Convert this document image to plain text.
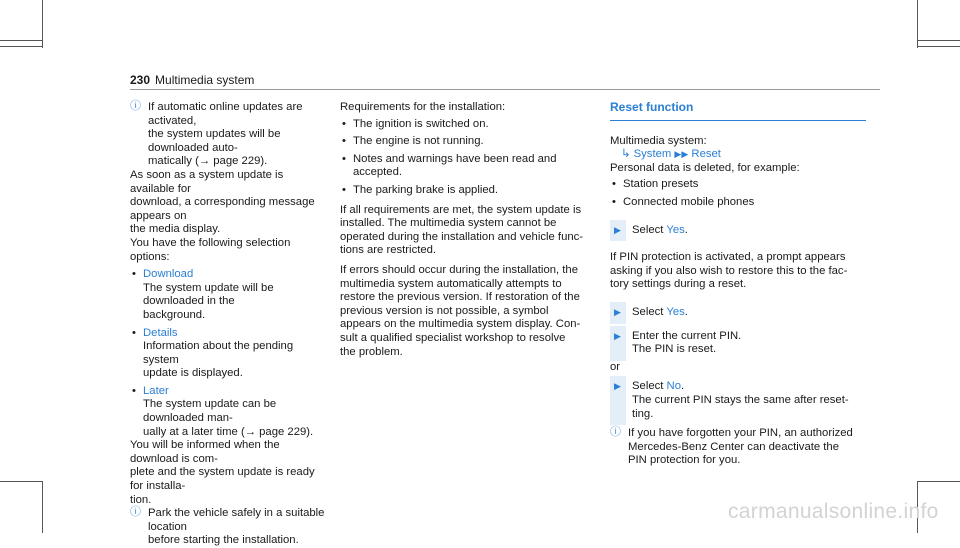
230 Multimedia system
ⓘ If automatic online updates are activated,

the system updates will be downloaded auto-

matically (→ page 229).

As soon as a system update is available for

download, a corresponding message appears on

the media display.

You have the following selection options:

• Download

The system update will be downloaded in the

background.

• Details

Information about the pending system

update is displayed.

• Later

The system update can be downloaded man-

ually at a later time (→ page 229).

You will be informed when the download is com-

plete and the system update is ready for installa-

tion.

ⓘ Park the vehicle safely in a suitable location

before starting the installation.

Requirements for the installation:

• The ignition is switched on.

• The engine is not running.

• Notes and warnings have been read and

accepted.

• The parking brake is applied.

If all requirements are met, the system update is

installed. The multimedia system cannot be

operated during the installation and vehicle func-

tions are restricted.

If errors should occur during the installation, the

multimedia system automatically attempts to

restore the previous version. If restoration of the

previous version is not possible, a symbol

appears on the multimedia system display. Con-

sult a qualified specialist workshop to resolve

the problem.

Reset function

Multimedia system:

↳ System ▶▶ Reset

Personal data is deleted, for example:

• Station presets

• Connected mobile phones

▶ Select Yes.

If PIN protection is activated, a prompt appears

asking if you also wish to restore this to the fac-

tory settings during a reset.

▶ Select Yes.

▶ Enter the current PIN.

The PIN is reset.

or

▶ Select No.

The current PIN stays the same after reset-

ting.

ⓘ If you have forgotten your PIN, an authorized

Mercedes-Benz Center can deactivate the

PIN protection for you.

carmanualsonline.info
